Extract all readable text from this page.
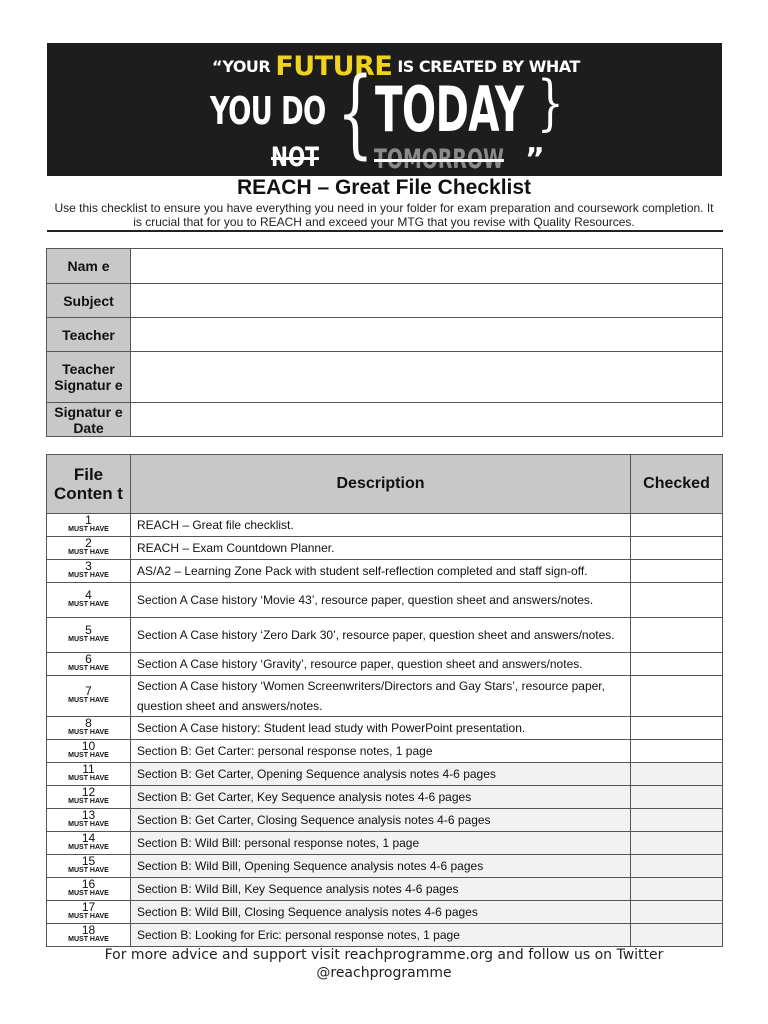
“YOUR FUTURE IS CREATED BY WHAT
YOU DO { TODAY }
NOT TOMORROW ”
REACH – Great File Checklist
Use this checklist to ensure you have everything you need in your folder for exam preparation and coursework completion. It is crucial that for you to REACH and exceed your MTG that you revise with Quality Resources.
Nam e	
Subject	
Teacher	
Teacher Signatur e	
Signatur e Date	
File Conten t	Description	Checked

1
MUST HAVE	REACH – Great file checklist.	

2
MUST HAVE	REACH – Exam Countdown Planner.	

3
MUST HAVE	AS/A2 – Learning Zone Pack with student self-reflection completed and staff sign-off.	

4
MUST HAVE	Section A Case history ‘Movie 43’, resource paper, question sheet and answers/notes.	

5
MUST HAVE	Section A Case history ‘Zero Dark 30’, resource paper, question sheet and answers/notes.	

6
MUST HAVE	Section A Case history ‘Gravity’, resource paper, question sheet and answers/notes.	

7
MUST HAVE	Section A Case history ‘Women Screenwriters/Directors and Gay Stars’, resource paper, question sheet and answers/notes.	

8
MUST HAVE	Section A Case history: Student lead study with PowerPoint presentation.	

10
MUST HAVE	Section B: Get Carter: personal response notes, 1 page	

11
MUST HAVE	Section B: Get Carter, Opening Sequence analysis notes 4-6 pages	

12
MUST HAVE	Section B: Get Carter, Key Sequence analysis notes 4-6 pages	

13
MUST HAVE	Section B: Get Carter, Closing Sequence analysis notes 4-6 pages	

14
MUST HAVE	Section B: Wild Bill: personal response notes, 1 page	

15
MUST HAVE	Section B: Wild Bill, Opening Sequence analysis notes 4-6 pages	

16
MUST HAVE	Section B: Wild Bill, Key Sequence analysis notes 4-6 pages	

17
MUST HAVE	Section B: Wild Bill, Closing Sequence analysis notes 4-6 pages	

18
MUST HAVE	Section B: Looking for Eric: personal response notes, 1 page	
For more advice and support visit reachprogramme.org and follow us on Twitter
@reachprogramme
